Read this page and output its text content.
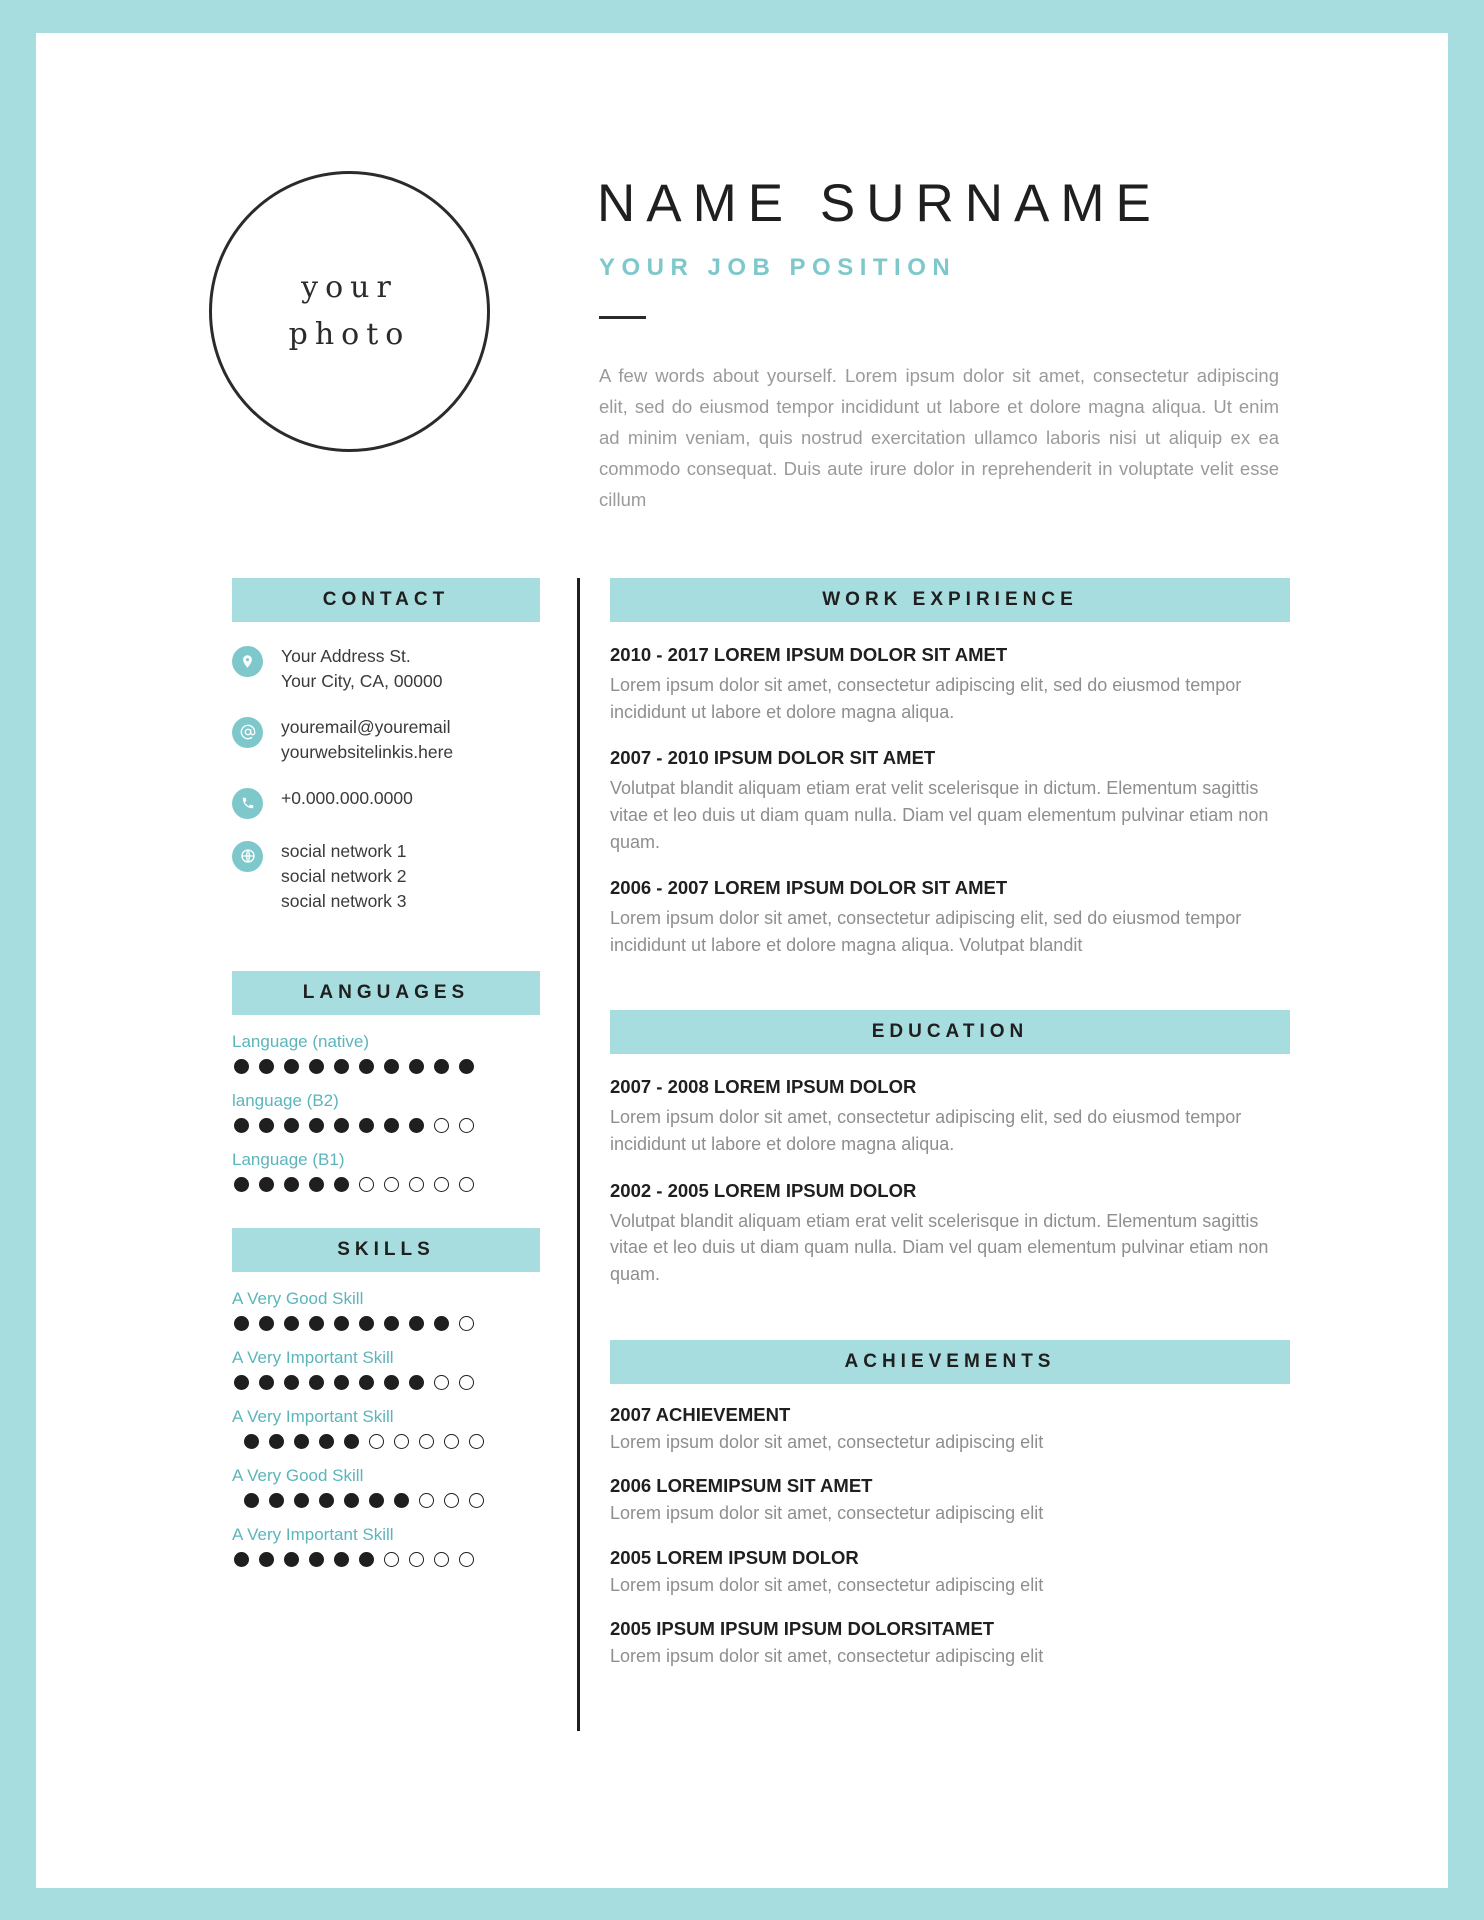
your
photo
NAME SURNAME
YOUR JOB POSITION
A few words about yourself. Lorem ipsum dolor sit amet, consectetur adipiscing elit, sed do eiusmod tempor incididunt ut labore et dolore magna aliqua. Ut enim ad minim veniam, quis nostrud exercitation ullamco laboris nisi ut aliquip ex ea commodo consequat. Duis aute irure dolor in reprehenderit in voluptate velit esse cillum
CONTACT
Your Address St.
Your City, CA, 00000
youremail@youremail
yourwebsitelinkis.here
+0.000.000.0000
social network 1
social network 2
social network 3
LANGUAGES
Language (native)
language (B2)
Language (B1)
SKILLS
A Very Good Skill
A Very Important Skill
A Very Important Skill
A Very Good Skill
A Very Important Skill
WORK EXPIRIENCE
2010 - 2017 LOREM IPSUM DOLOR SIT AMET
Lorem ipsum dolor sit amet, consectetur adipiscing elit, sed do eiusmod tempor incididunt ut labore et dolore magna aliqua.
2007 - 2010 IPSUM DOLOR SIT AMET
Volutpat blandit aliquam etiam erat velit scelerisque in dictum. Elementum sagittis vitae et leo duis ut diam quam nulla. Diam vel quam elementum pulvinar etiam non quam.
2006 - 2007 LOREM IPSUM DOLOR SIT AMET
Lorem ipsum dolor sit amet, consectetur adipiscing elit, sed do eiusmod tempor incididunt ut labore et dolore magna aliqua. Volutpat blandit
EDUCATION
2007 - 2008 LOREM IPSUM DOLOR
Lorem ipsum dolor sit amet, consectetur adipiscing elit, sed do eiusmod tempor incididunt ut labore et dolore magna aliqua.
2002 - 2005 LOREM IPSUM DOLOR
Volutpat blandit aliquam etiam erat velit scelerisque in dictum. Elementum sagittis vitae et leo duis ut diam quam nulla. Diam vel quam elementum pulvinar etiam non quam.
ACHIEVEMENTS
2007 ACHIEVEMENT
Lorem ipsum dolor sit amet, consectetur adipiscing elit
2006 LOREMIPSUM SIT AMET
Lorem ipsum dolor sit amet, consectetur adipiscing elit
2005 LOREM IPSUM DOLOR
Lorem ipsum dolor sit amet, consectetur adipiscing elit
2005 IPSUM IPSUM IPSUM DOLORSITAMET
Lorem ipsum dolor sit amet, consectetur adipiscing elit
